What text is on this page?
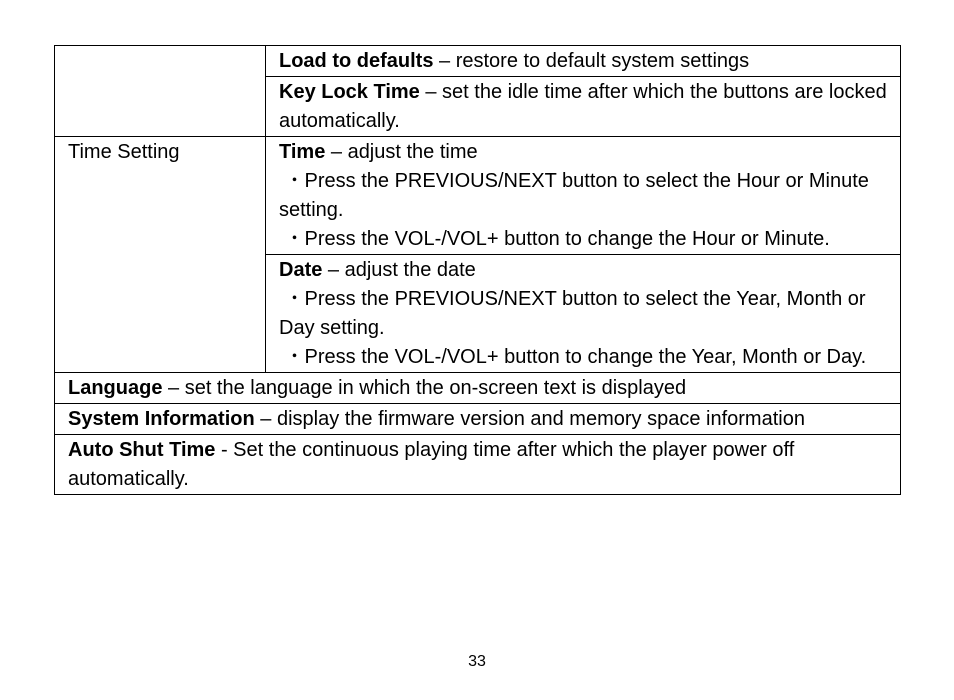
	Load to defaults – restore to default system settings
	Key Lock Time – set the idle time after which the buttons are locked automatically.
Time Setting	Time – adjust the time
・Press the PREVIOUS/NEXT button to select the Hour or Minute setting.
・Press the VOL-/VOL+ button to change the Hour or Minute.

	Date – adjust the date
・Press the PREVIOUS/NEXT button to select the Year, Month or Day setting.
・Press the VOL-/VOL+ button to change the Year, Month or Day.

Language – set the language in which the on-screen text is displayed	
System Information – display the firmware version and memory space information	
Auto Shut Time - Set the continuous playing time after which the player power off automatically.	
33
